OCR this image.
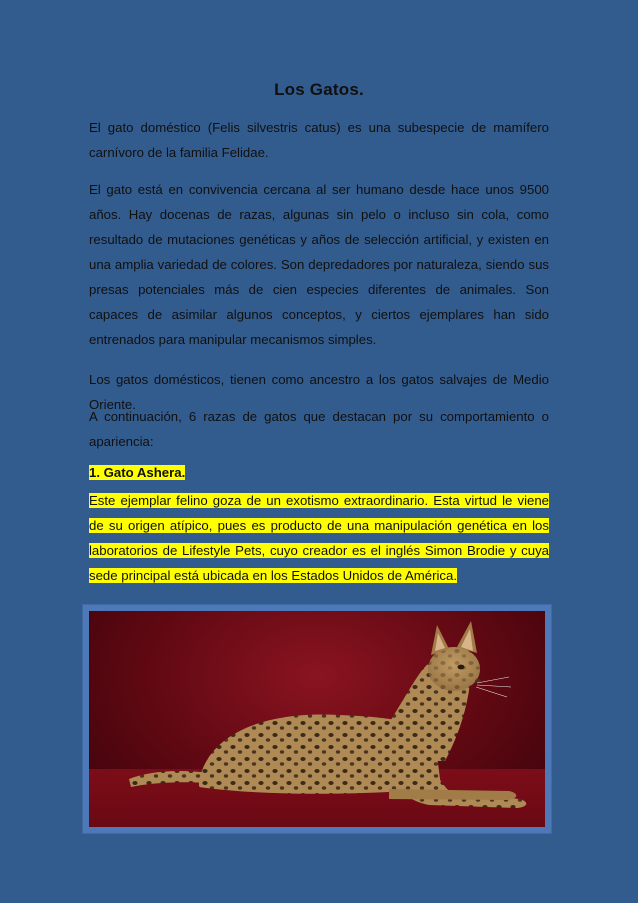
Los Gatos.

El gato doméstico (Felis silvestris catus) es una subespecie de mamífero carnívoro de la familia Felidae.

El gato está en convivencia cercana al ser humano desde hace unos 9500 años. Hay docenas de razas, algunas sin pelo o incluso sin cola, como resultado de mutaciones genéticas y años de selección artificial, y existen en una amplia variedad de colores. Son depredadores por naturaleza, siendo sus presas potenciales más de cien especies diferentes de animales. Son capaces de asimilar algunos conceptos, y ciertos ejemplares han sido entrenados para manipular mecanismos simples.

Los gatos domésticos, tienen como ancestro a los gatos salvajes de Medio Oriente.

A continuación, 6 razas de gatos que destacan por su comportamiento o apariencia:

1. Gato Ashera.

Este ejemplar felino goza de un exotismo extraordinario. Esta virtud le viene de su origen atípico, pues es producto de una manipulación genética en los laboratorios de Lifestyle Pets, cuyo creador es el inglés Simon Brodie y cuya sede principal está ubicada en los Estados Unidos de América.
